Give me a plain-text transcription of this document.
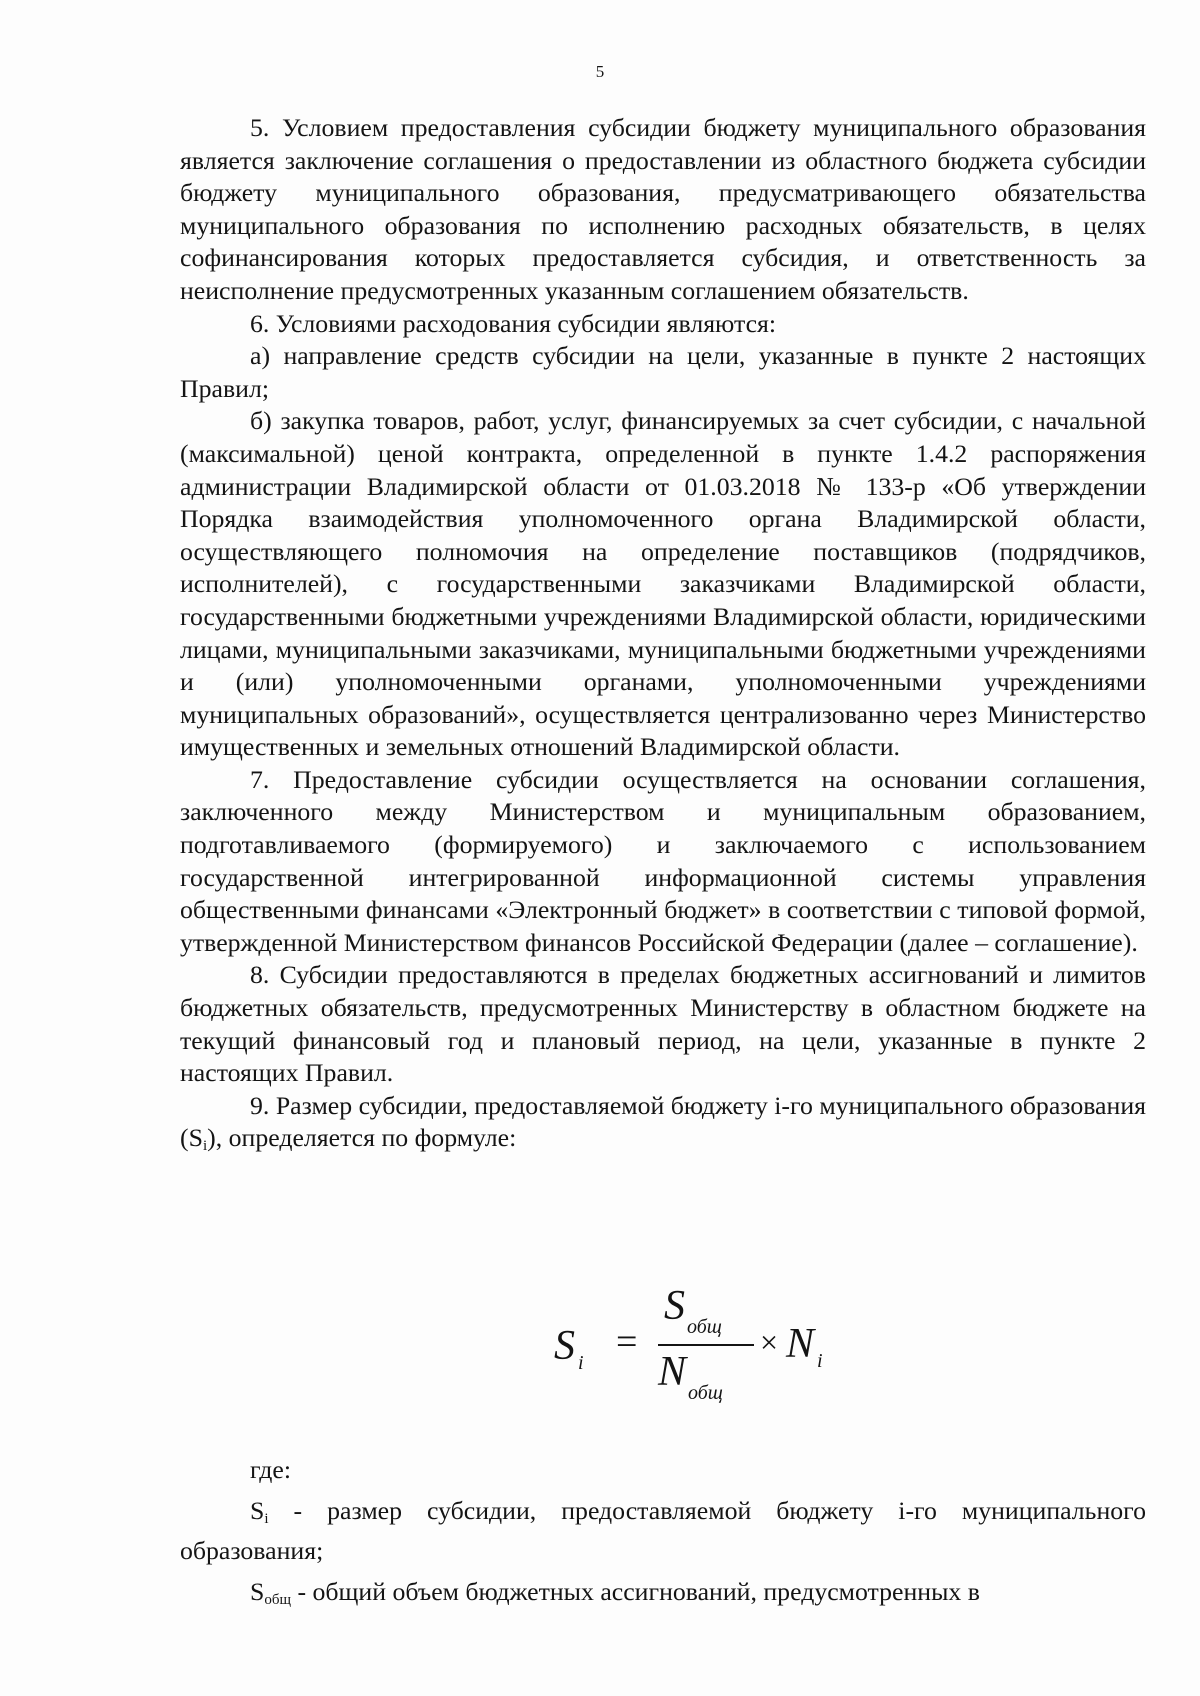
5

5. Условием предоставления субсидии бюджету муниципального образования является заключение соглашения о предоставлении из областного бюджета субсидии бюджету муниципального образования, предусматривающего обязательства муниципального образования по исполнению расходных обязательств, в целях софинансирования которых предоставляется субсидия, и ответственность за неисполнение предусмотренных указанным соглашением обязательств.

6. Условиями расходования субсидии являются:

а) направление средств субсидии на цели, указанные в пункте 2 настоящих Правил;

б) закупка товаров, работ, услуг, финансируемых за счет субсидии, с начальной (максимальной) ценой контракта, определенной в пункте 1.4.2 распоряжения администрации Владимирской области от 01.03.2018 № 133-р «Об утверждении Порядка взаимодействия уполномоченного органа Владимирской области, осуществляющего полномочия на определение поставщиков (подрядчиков, исполнителей), с государственными заказчиками Владимирской области, государственными бюджетными учреждениями Владимирской области, юридическими лицами, муниципальными заказчиками, муниципальными бюджетными учреждениями и (или) уполномоченными органами, уполномоченными учреждениями муниципальных образований», осуществляется централизованно через Министерство имущественных и земельных отношений Владимирской области.

7. Предоставление субсидии осуществляется на основании соглашения, заключенного между Министерством и муниципальным образованием, подготавливаемого (формируемого) и заключаемого с использованием государственной интегрированной информационной системы управления общественными финансами «Электронный бюджет» в соответствии с типовой формой, утвержденной Министерством финансов Российской Федерации (далее – соглашение).

8. Субсидии предоставляются в пределах бюджетных ассигнований и лимитов бюджетных обязательств, предусмотренных Министерству в областном бюджете на текущий финансовый год и плановый период, на цели, указанные в пункте 2 настоящих Правил.

9. Размер субсидии, предоставляемой бюджету i-го муниципального образования (Si), определяется по формуле:

S $_i$ =
S $_{общ}$
N $_{общ}$
× N $_i$

где:

Si - размер субсидии, предоставляемой бюджету i-го муниципального образования;

Sобщ - общий объем бюджетных ассигнований, предусмотренных в
